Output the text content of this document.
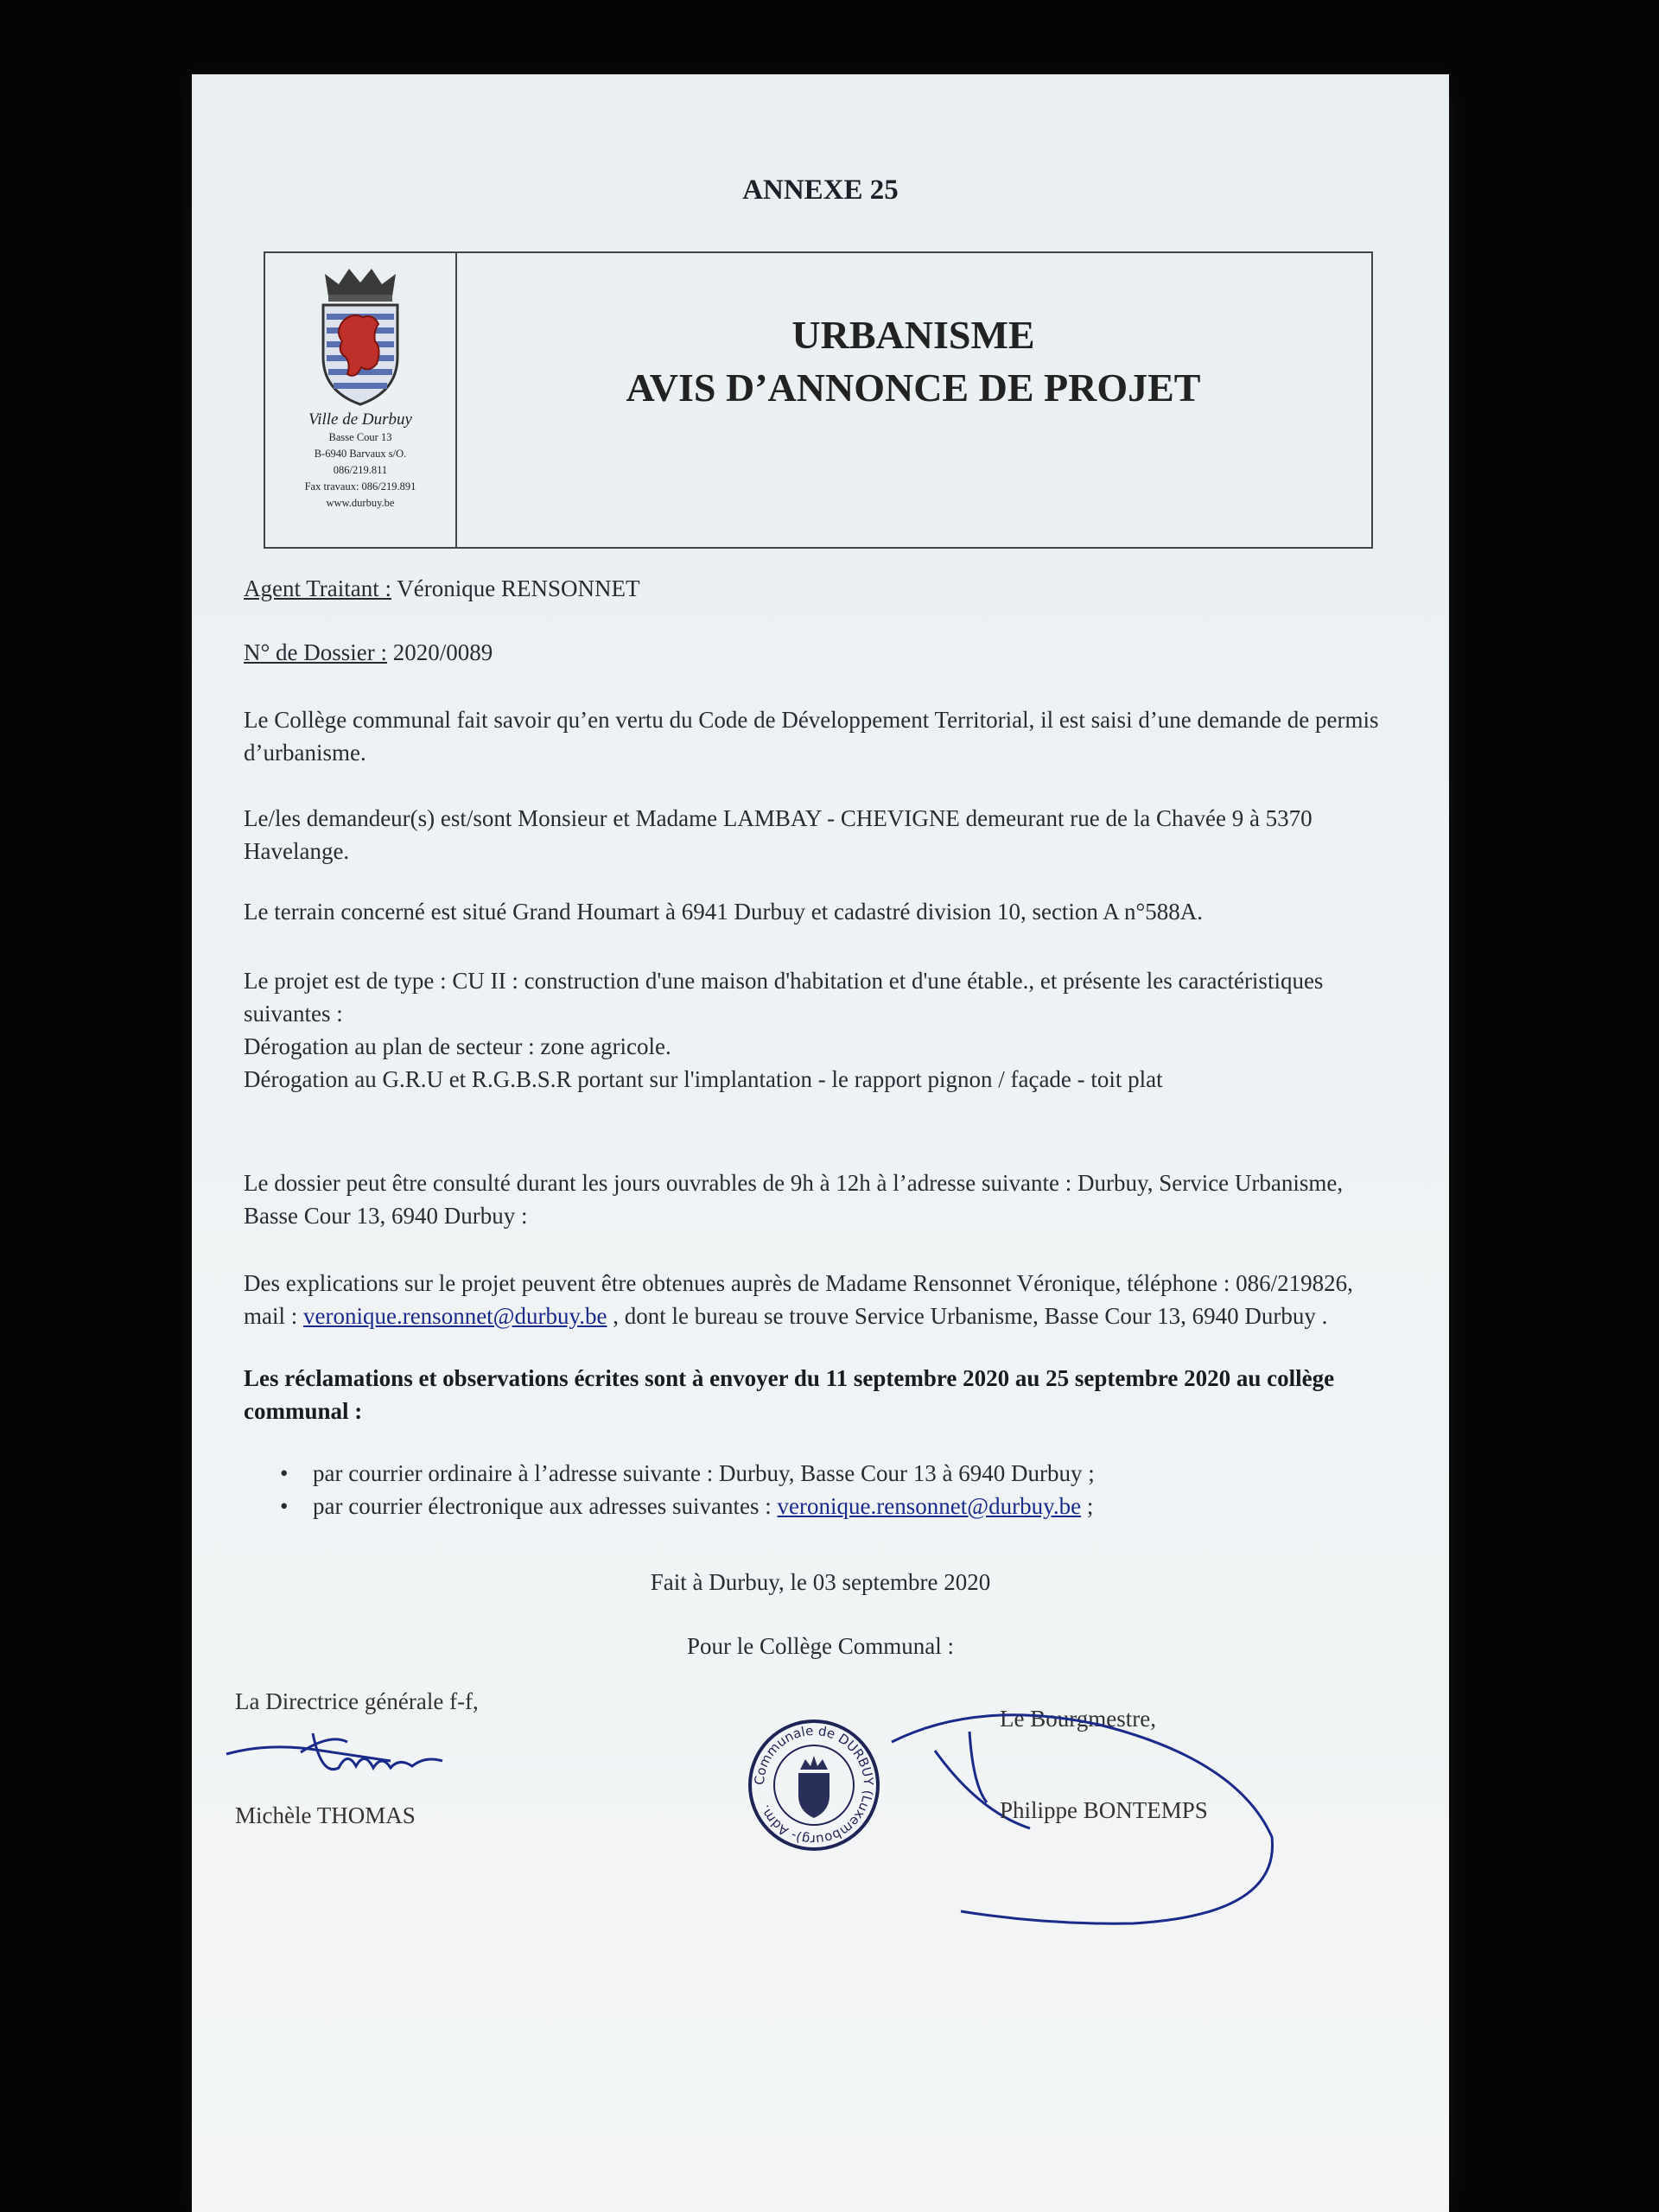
ANNEXE 25
Ville de Durbuy
Basse Cour 13
B-6940 Barvaux s/O.
086/219.811
Fax travaux: 086/219.891
www.durbuy.be
URBANISME
AVIS D’ANNONCE DE PROJET
Agent Traitant : Véronique RENSONNET
N° de Dossier : 2020/0089
Le Collège communal fait savoir qu’en vertu du Code de Développement Territorial, il est saisi d’une demande de permis d’urbanisme.
Le/les demandeur(s) est/sont Monsieur et Madame LAMBAY - CHEVIGNE demeurant rue de la Chavée 9 à 5370 Havelange.
Le terrain concerné est situé Grand Houmart à 6941 Durbuy et cadastré division 10, section A n°588A.
Le projet est de type : CU II : construction d'une maison d'habitation et d'une étable., et présente les caractéristiques suivantes :
Dérogation au plan de secteur : zone agricole.
Dérogation au G.R.U et R.G.B.S.R portant sur l'implantation - le rapport pignon / façade - toit plat
Le dossier peut être consulté durant les jours ouvrables de 9h à 12h à l’adresse suivante : Durbuy, Service Urbanisme, Basse Cour 13, 6940 Durbuy :
Des explications sur le projet peuvent être obtenues auprès de Madame Rensonnet Véronique, téléphone : 086/219826, mail : veronique.rensonnet@durbuy.be , dont le bureau se trouve Service Urbanisme, Basse Cour 13, 6940 Durbuy .
Les réclamations et observations écrites sont à envoyer du 11 septembre 2020 au 25 septembre 2020 au collège communal :
• par courrier ordinaire à l’adresse suivante : Durbuy, Basse Cour 13 à 6940 Durbuy ;
• par courrier électronique aux adresses suivantes : veronique.rensonnet@durbuy.be ;
Fait à Durbuy, le 03 septembre 2020
Pour le Collège Communal :
La Directrice générale f-f,
Michèle THOMAS
Communale de DURBUY (Luxembourg)- Adm.
Le Bourgmestre,
Philippe BONTEMPS
